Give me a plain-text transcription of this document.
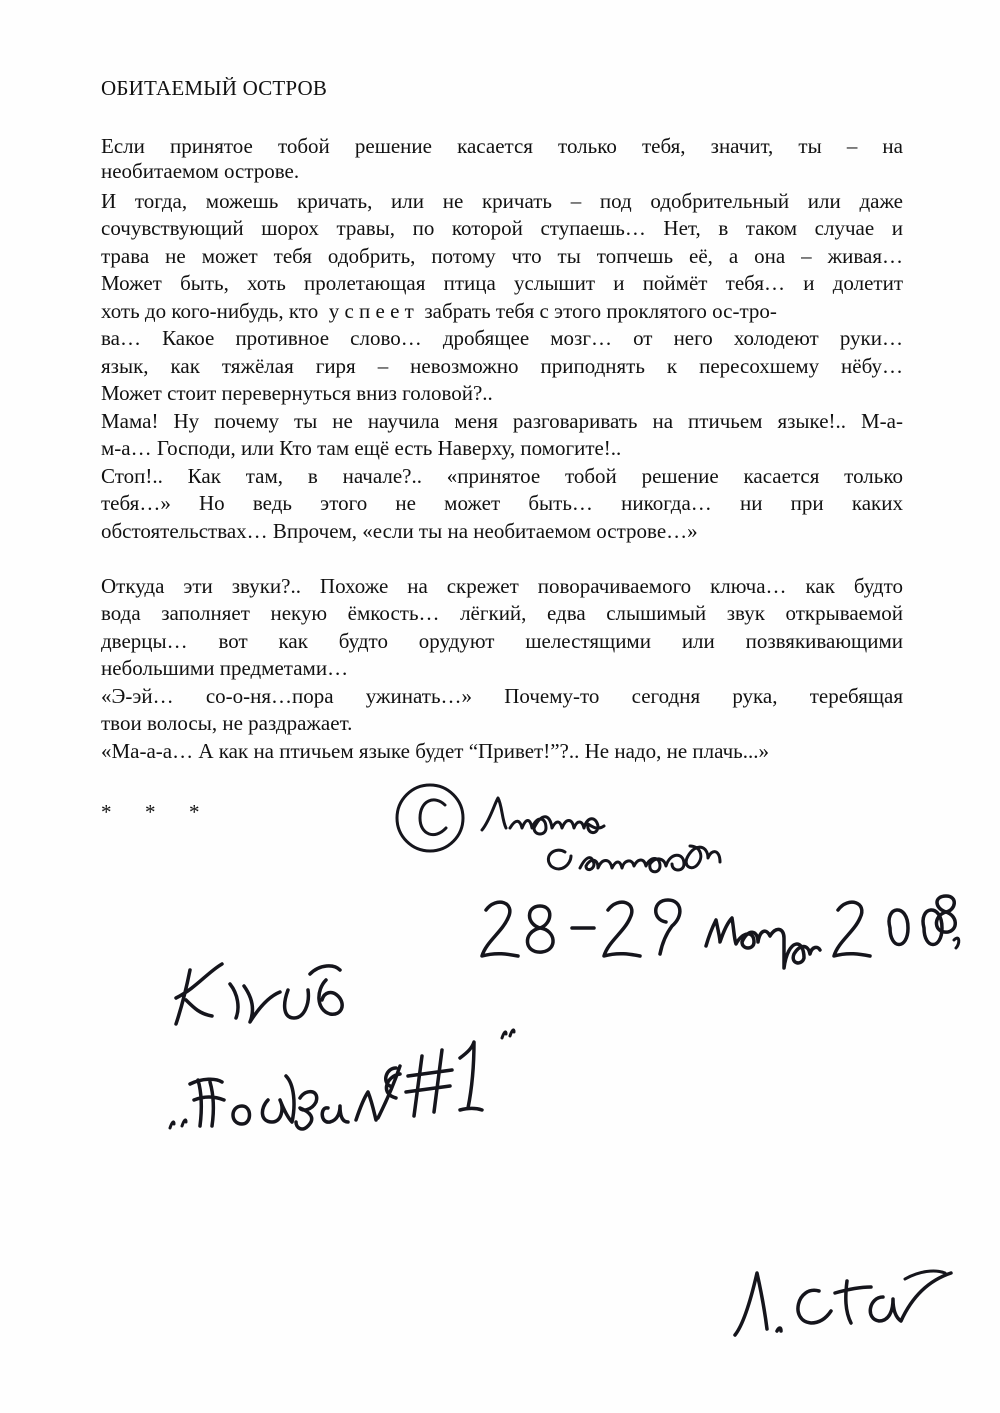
ОБИТАЕМЫЙ ОСТРОВ
Если принятое тобой решение касается только тебя, значит, ты – на
необитаемом острове.
И тогда, можешь кричать, или не кричать – под одобрительный или даже
сочувствующий шорох травы, по которой ступаешь… Нет, в таком случае и
трава не может тебя одобрить, потому что ты топчешь её, а она – живая…
Может быть, хоть пролетающая птица услышит и поймёт тебя… и долетит
хоть до кого-нибудь, кто  у с п е е т  забрать тебя с этого проклятого ос-тро-
ва… Какое противное слово… дробящее мозг… от него холодеют руки…
язык, как тяжёлая гиря – невозможно приподнять к пересохшему нёбу…
Может стоит перевернуться вниз головой?..
Мама! Ну почему ты не научила меня разговаривать на птичьем языке!.. М-а-
м-а… Господи, или Кто там ещё есть Наверху, помогите!..
Стоп!.. Как там, в начале?.. «принятое тобой решение касается только
тебя…» Но ведь этого не может быть… никогда… ни при каких
обстоятельствах… Впрочем, «если ты на необитаемом острове…»
Откуда эти звуки?.. Похоже на скрежет поворачиваемого ключа… как будто
вода заполняет некую ёмкость… лёгкий, едва слышимый звук открываемой
дверцы… вот как будто орудуют шелестящими или позвякивающими
небольшими предметами…
«Э-эй… со-о-ня…пора ужинать…» Почему-то сегодня рука, теребящая
твои волосы, не раздражает.
«Ма-а-а… А как на птичьем языке будет “Привет!”?.. Не надо, не плачь...»
* * *
